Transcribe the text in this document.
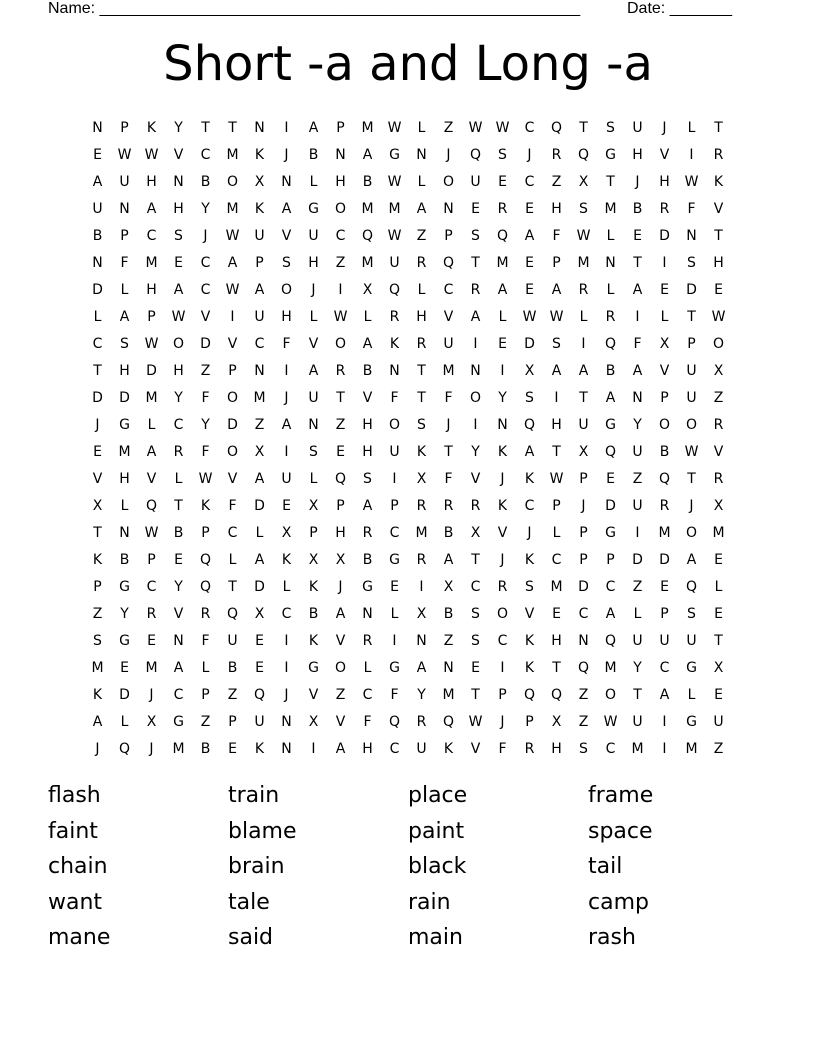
Name: ______________________________________________________	Date: _______
Short -a and Long -a
N	P	K	Y	T	T	N	I	A	P	M	W	L	Z	W W	C	Q	T	S	U	J	L	T
E	W W	V	C	M	K	J	B	N	A	G	N	J	Q	S	J	R	Q	G	H	V	I	R
A	U	H	N	B	O	X	N	L	H	B	W	L	O	U	E	C	Z	X	T	J	H	W	K
U	N	A	H	Y	M	K	A	G	O	M	M	A	N	E	R	E	H	S	M	B	R	F	V
B	P	C	S	J	W	U	V	U	C	Q	W	Z	P	S	Q	A	F	W	L	E	D	N	T
N	F	M	E	C	A	P	S	H	Z	M	U	R	Q	T	M	E	P	M	N	T	I	S	H
D	L	H	A	C	W	A	O	J	I	X	Q	L	C	R	A	E	A	R	L	A	E	D	E
L	A	P	W	V	I	U	H	L	W	L	R	H	V	A	L	W W	L	R	I	L	T	W
C	S	W	O	D	V	C	F	V	O	A	K	R	U	I	E	D	S	I	Q	F	X	P	O
T	H	D	H	Z	P	N	I	A	R	B	N	T	M	N	I	X	A	A	B	A	V	U	X
D	D	M	Y	F	O	M	J	U	T	V	F	T	F	O	Y	S	I	T	A	N	P	U	Z
J	G	L	C	Y	D	Z	A	N	Z	H	O	S	J	I	N	Q	H	U	G	Y	O	O	R
E	M	A	R	F	O	X	I	S	E	H	U	K	T	Y	K	A	T	X	Q	U	B	W	V
V	H	V	L	W	V	A	U	L	Q	S	I	X	F	V	J	K	W	P	E	Z	Q	T	R
X	L	Q	T	K	F	D	E	X	P	A	P	R	R	R	K	C	P	J	D	U	R	J	X
T	N	W	B	P	C	L	X	P	H	R	C	M	B	X	V	J	L	P	G	I	M	O	M
K	B	P	E	Q	L	A	K	X	X	B	G	R	A	T	J	K	C	P	P	D	D	A	E
P	G	C	Y	Q	T	D	L	K	J	G	E	I	X	C	R	S	M	D	C	Z	E	Q	L
Z	Y	R	V	R	Q	X	C	B	A	N	L	X	B	S	O	V	E	C	A	L	P	S	E
S	G	E	N	F	U	E	I	K	V	R	I	N	Z	S	C	K	H	N	Q	U	U	U	T
M	E	M	A	L	B	E	I	G	O	L	G	A	N	E	I	K	T	Q	M	Y	C	G	X
K	D	J	C	P	Z	Q	J	V	Z	C	F	Y	M	T	P	Q	Q	Z	O	T	A	L	E
A	L	X	G	Z	P	U	N	X	V	F	Q	R	Q	W	J	P	X	Z	W	U	I	G	U
J	Q	J	M	B	E	K	N	I	A	H	C	U	K	V	F	R	H	S	C	M	I	M	Z
flash	train	place	frame
faint	blame	paint	space
chain	brain	black	tail
want	tale	rain	camp
mane	said	main	rash
